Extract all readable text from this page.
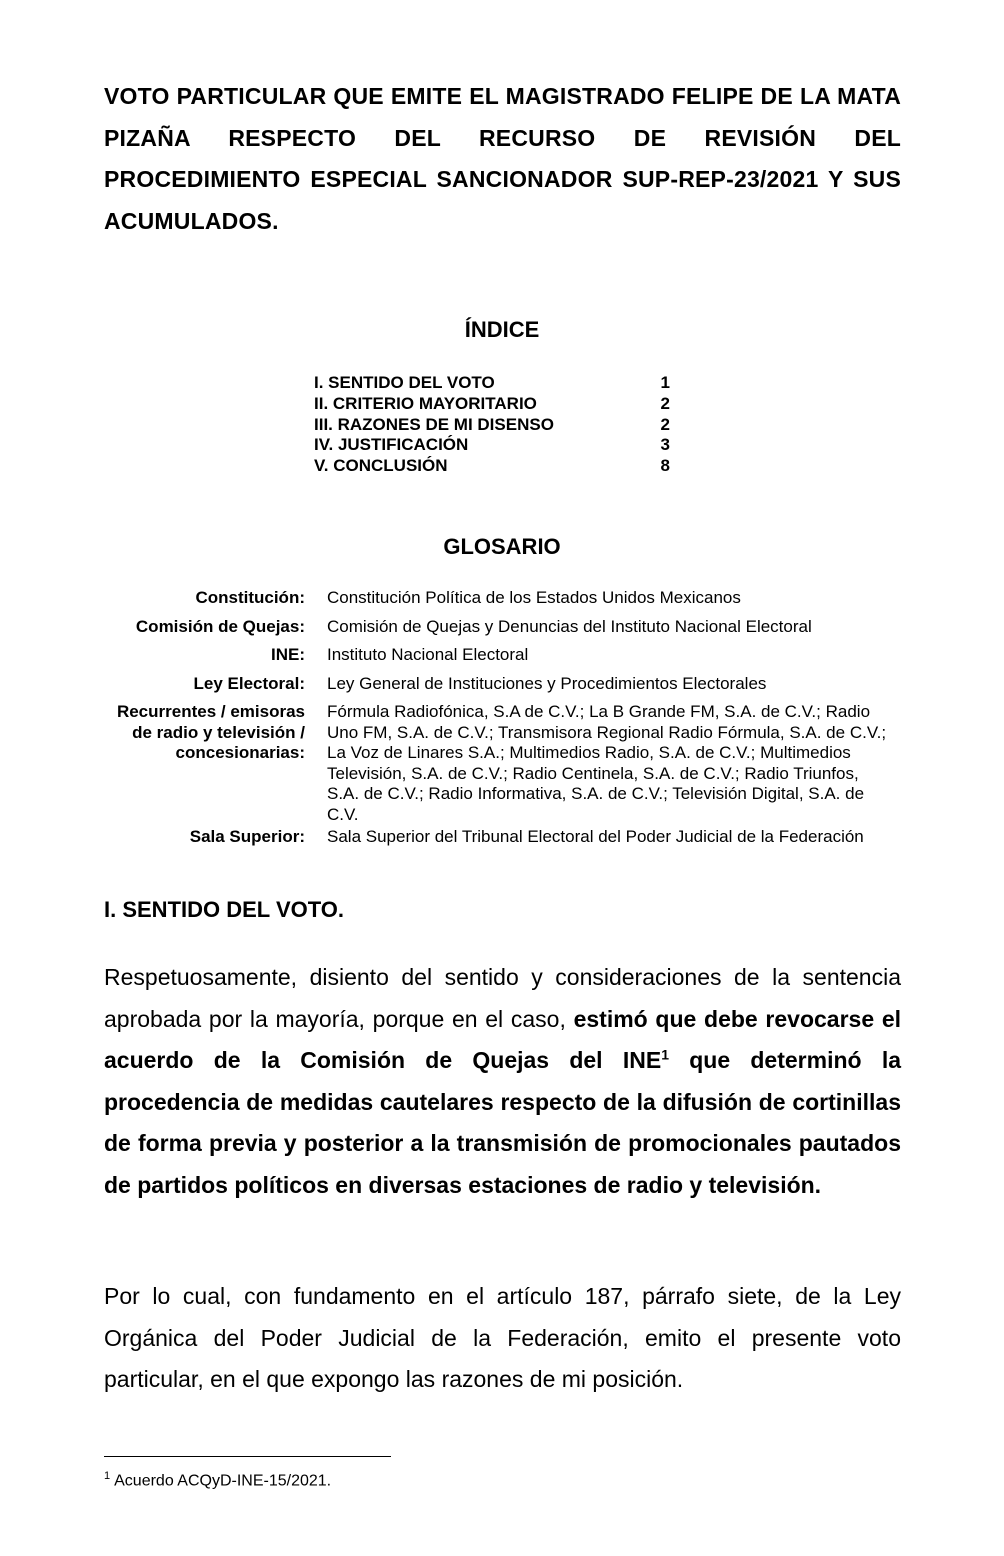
VOTO PARTICULAR QUE EMITE EL MAGISTRADO FELIPE DE LA MATA PIZAÑA RESPECTO DEL RECURSO DE REVISIÓN DEL PROCEDIMIENTO ESPECIAL SANCIONADOR SUP-REP-23/2021 Y SUS ACUMULADOS.
ÍNDICE
I. SENTIDO DEL VOTO	1
II. CRITERIO MAYORITARIO	2
III. RAZONES DE MI DISENSO	2
IV. JUSTIFICACIÓN	3
V. CONCLUSIÓN	8
GLOSARIO
Constitución: Constitución Política de los Estados Unidos Mexicanos
Comisión de Quejas: Comisión de Quejas y Denuncias del Instituto Nacional Electoral
INE: Instituto Nacional Electoral
Ley Electoral: Ley General de Instituciones y Procedimientos Electorales
Recurrentes / emisoras de radio y televisión / concesionarias:
Fórmula Radiofónica, S.A de C.V.; La B Grande FM, S.A. de C.V.; Radio Uno FM, S.A. de C.V.; Transmisora Regional Radio Fórmula, S.A. de C.V.; La Voz de Linares S.A.; Multimedios Radio, S.A. de C.V.; Multimedios Televisión, S.A. de C.V.; Radio Centinela, S.A. de C.V.; Radio Triunfos, S.A. de C.V.; Radio Informativa, S.A. de C.V.; Televisión Digital, S.A. de C.V.
Sala Superior: Sala Superior del Tribunal Electoral del Poder Judicial de la Federación
I. SENTIDO DEL VOTO.

Respetuosamente, disiento del sentido y consideraciones de la sentencia aprobada por la mayoría, porque en el caso, estimó que debe revocarse el acuerdo de la Comisión de Quejas del INE$^1$ que determinó la procedencia de medidas cautelares respecto de la difusión de cortinillas de forma previa y posterior a la transmisión de promocionales pautados de partidos políticos en diversas estaciones de radio y televisión.

Por lo cual, con fundamento en el artículo 187, párrafo siete, de la Ley Orgánica del Poder Judicial de la Federación, emito el presente voto particular, en el que expongo las razones de mi posición.

$^1$ Acuerdo ACQyD-INE-15/2021.
